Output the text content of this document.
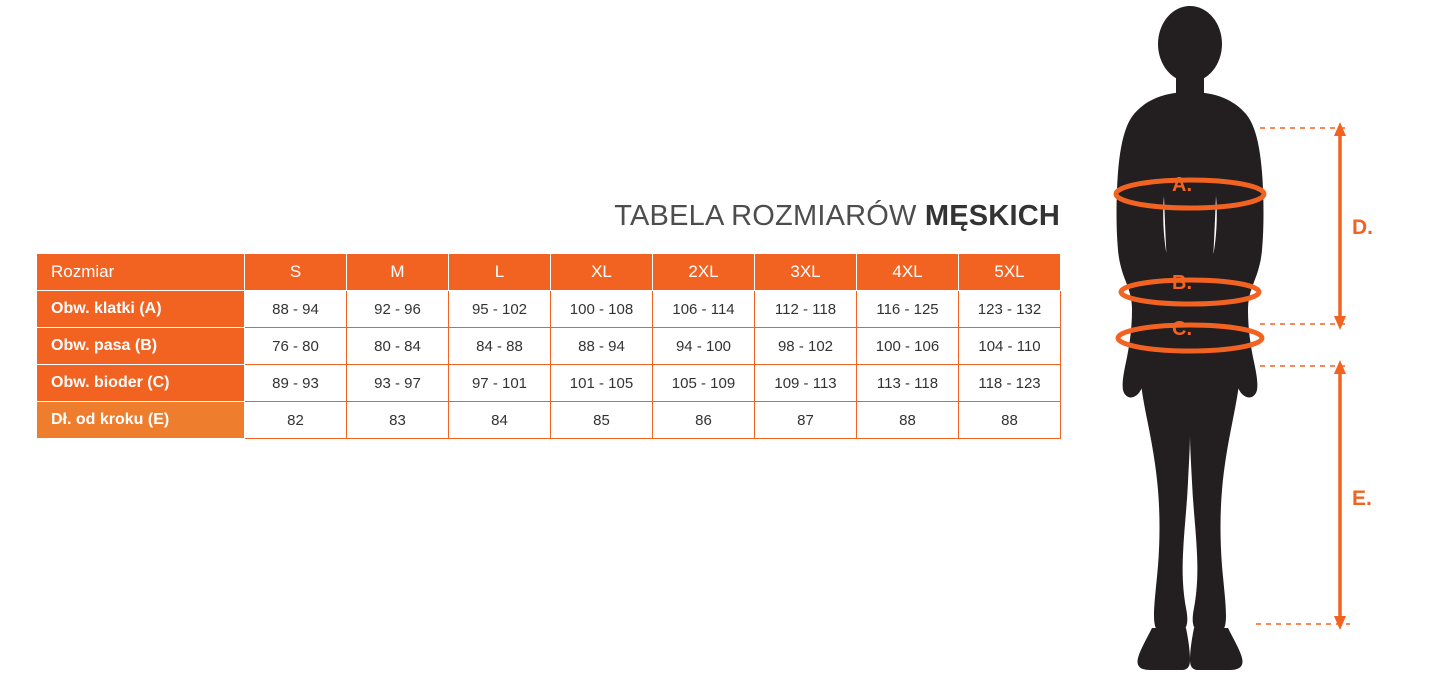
TABELA ROZMIARÓW MĘSKICH
Rozmiar	S	M	L	XL	2XL	3XL	4XL	5XL
Obw. klatki (A)	88 - 94	92 - 96	95 - 102	100 - 108	106 - 114	112 - 118	116 - 125	123 - 132
Obw. pasa (B)	76 - 80	80 - 84	84 - 88	88 - 94	94 - 100	98 - 102	100 - 106	104 - 110
Obw. bioder (C)	89 - 93	93 - 97	97 - 101	101 - 105	105 - 109	109 - 113	113 - 118	118 - 123
Dł. od kroku (E)	82	83	84	85	86	87	88	88
A.
B.
C.
D.
E.
